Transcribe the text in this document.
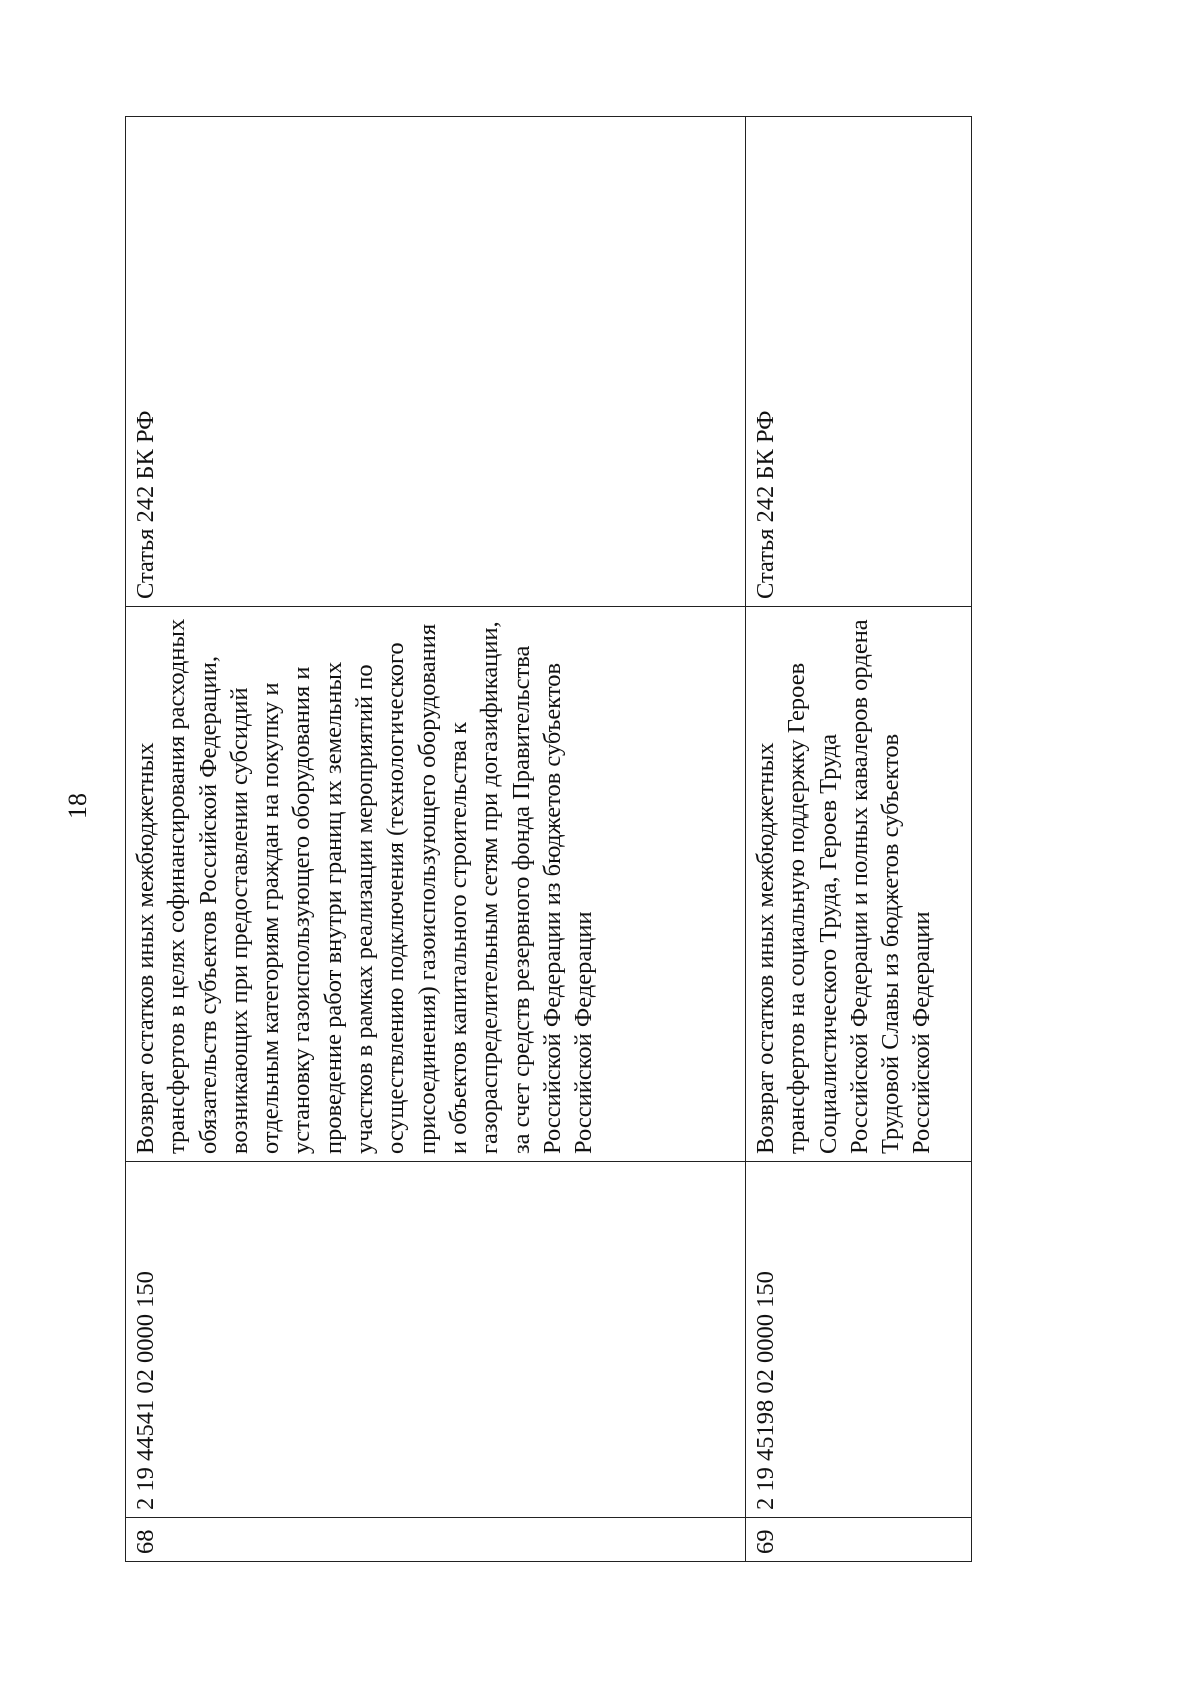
18
68	2 19 44541 02 0000 150	Возврат остатков иных межбюджетных трансфертов в целях софинансирования расходных обязательств субъектов Российской Федерации, возникающих при предоставлении субсидий отдельным категориям граждан на покупку и установку газоиспользующего оборудования и проведение работ внутри границ их земельных участков в рамках реализации мероприятий по осуществлению подключения (технологического присоединения) газоиспользующего оборудования и объектов капитального строительства к газораспределительным сетям при догазификации, за счет средств резервного фонда Правительства Российской Федерации из бюджетов субъектов Российской Федерации	Статья 242 БК РФ
69	2 19 45198 02 0000 150	Возврат остатков иных межбюджетных трансфертов на социальную поддержку Героев Социалистического Труда, Героев Труда Российской Федерации и полных кавалеров ордена Трудовой Славы из бюджетов субъектов Российской Федерации	Статья 242 БК РФ
